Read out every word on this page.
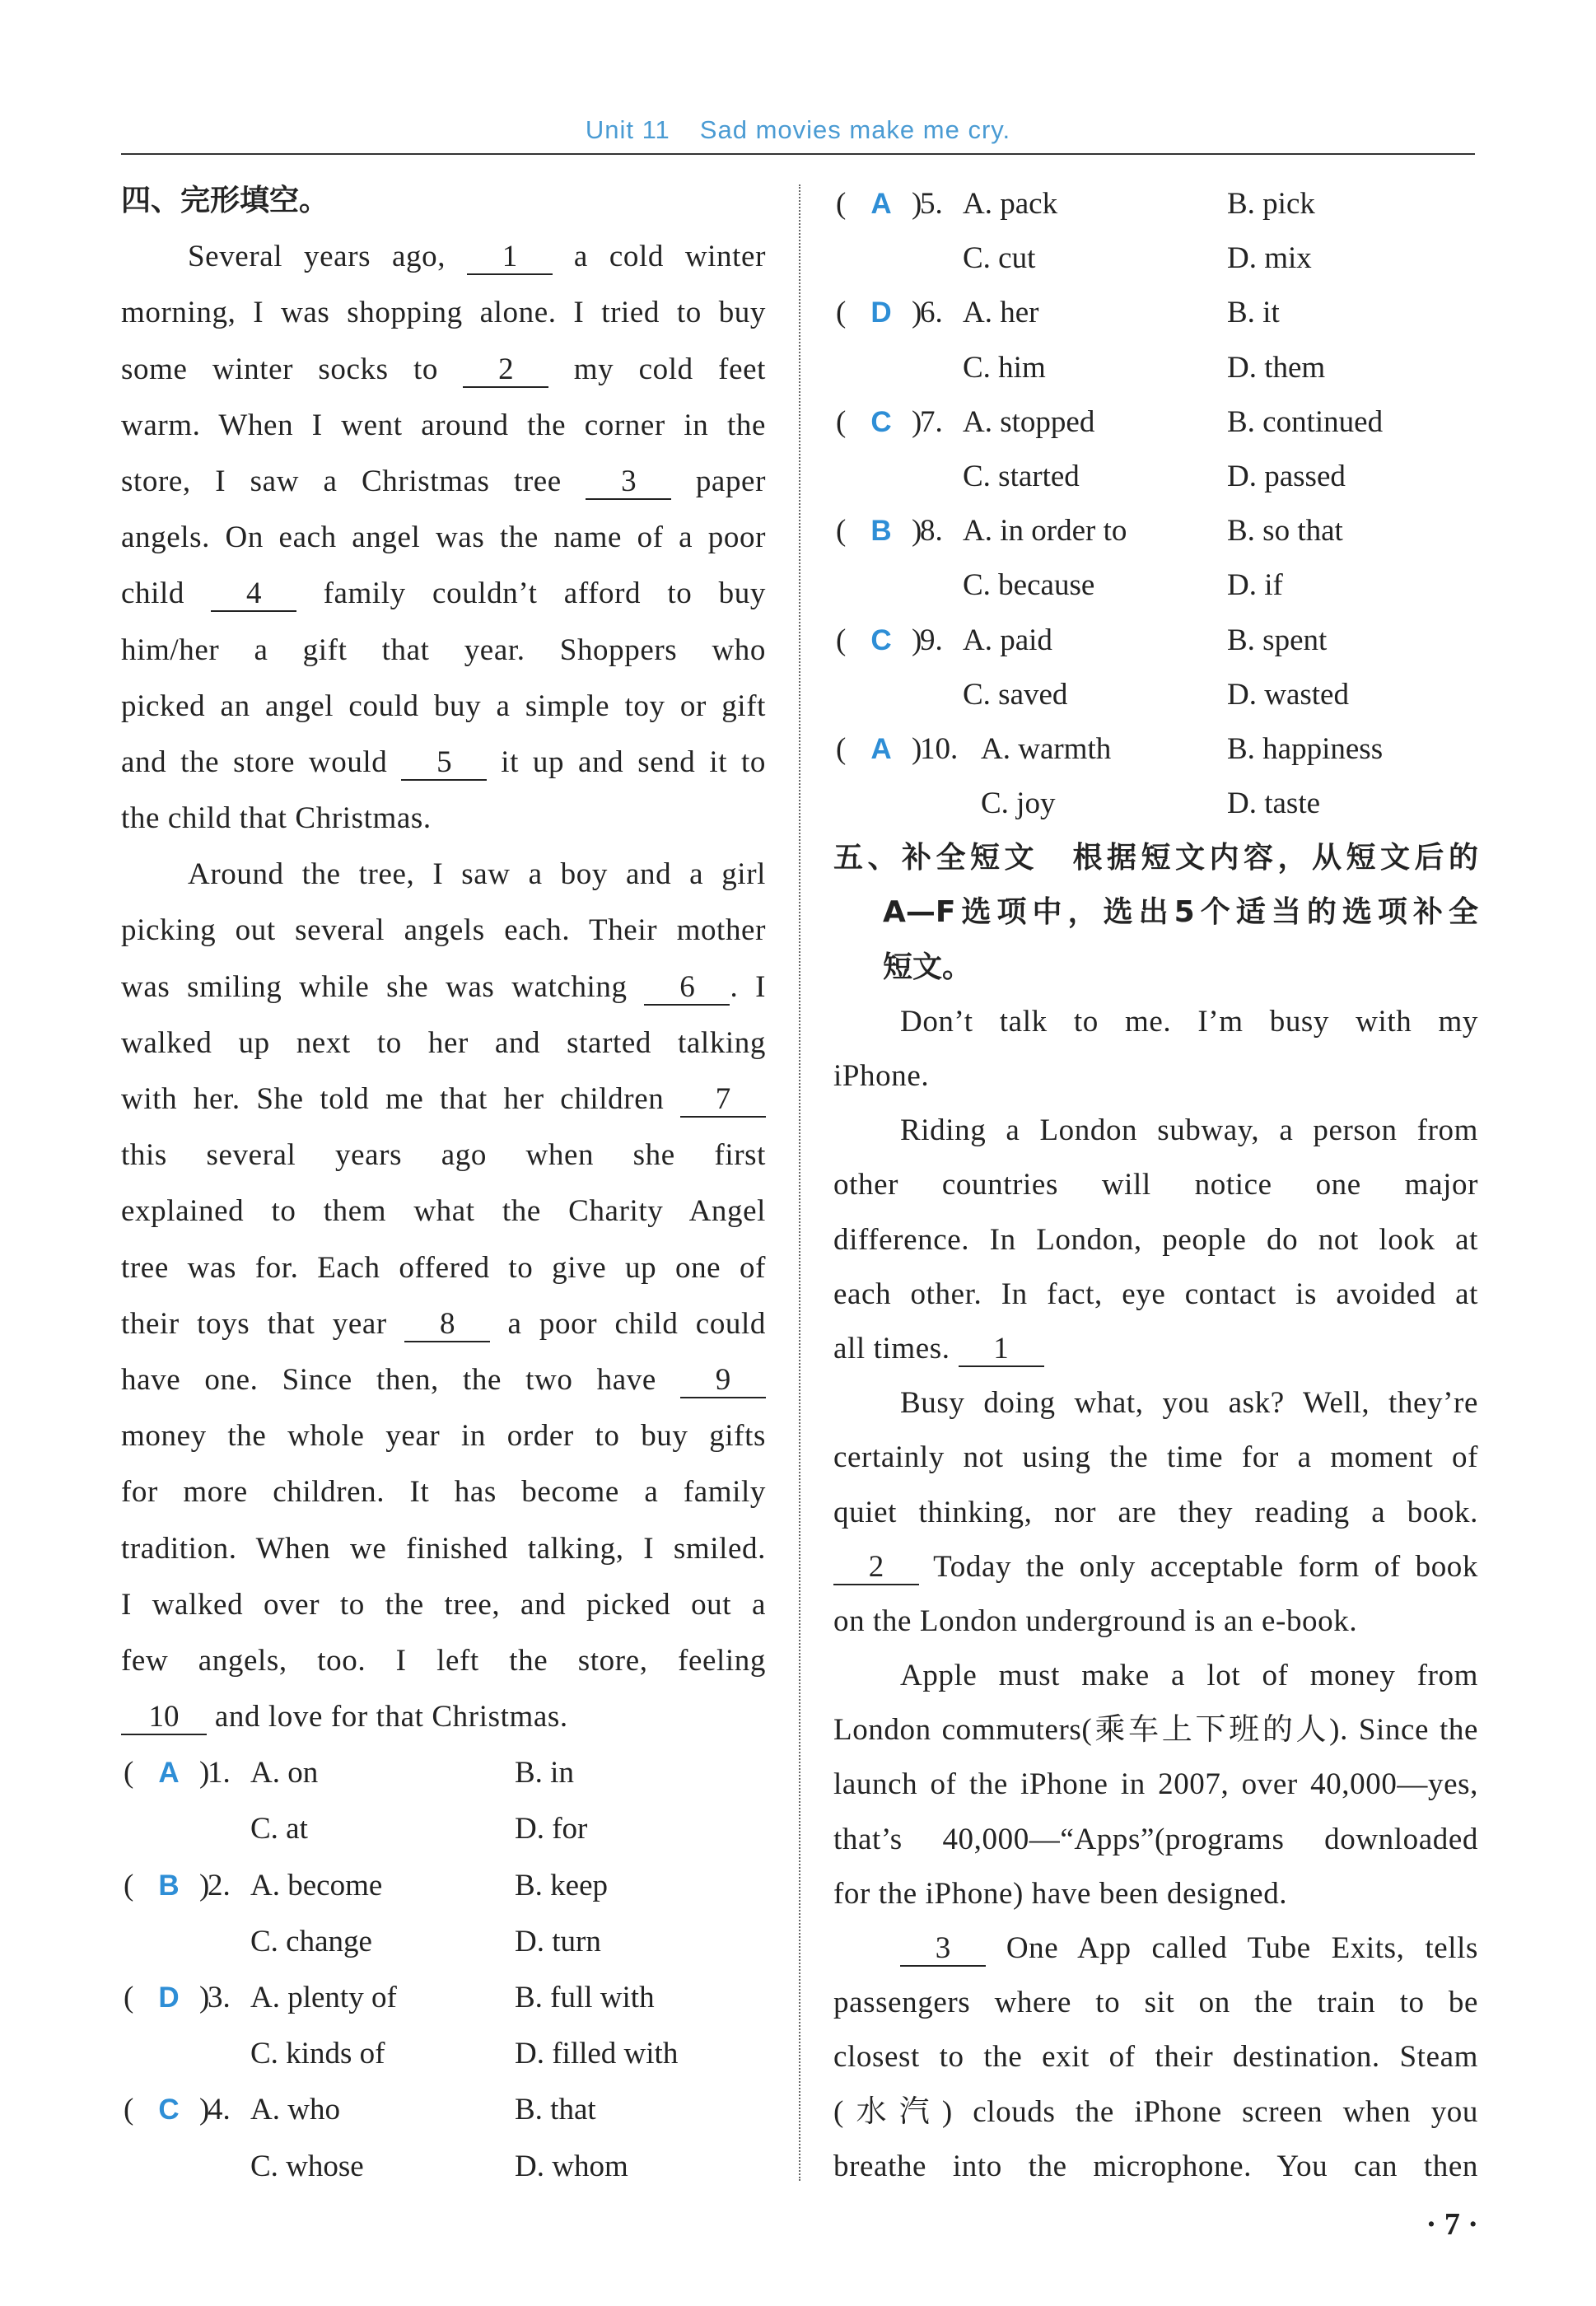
Unit 11 Sad movies make me cry.
四、完形填空。
Several years ago, 1 a cold winter
morning, I was shopping alone. I tried to buy
some winter socks to 2 my cold feet
warm. When I went around the corner in the
store, I saw a Christmas tree 3 paper
angels. On each angel was the name of a poor
child 4 family couldn’t afford to buy
him/her a gift that year. Shoppers who
picked an angel could buy a simple toy or gift
and the store would 5 it up and send it to
the child that Christmas.
Around the tree, I saw a boy and a girl
picking out several angels each. Their mother
was smiling while she was watching 6 . I
walked up next to her and started talking
with her. She told me that her children 7
this several years ago when she first
explained to them what the Charity Angel
tree was for. Each offered to give up one of
their toys that year 8 a poor child could
have one. Since then, the two have 9
money the whole year in order to buy gifts
for more children. It has become a family
tradition. When we finished talking, I smiled.
I walked over to the tree, and picked out a
few angels, too. I left the store, feeling
10 and love for that Christmas.
( A )
1. A. on	B. in
C. at	D. for
( B )
2. A. become	B. keep
C. change	D. turn
( D )
3. A. plenty of	B. full with
C. kinds of	D. filled with
( C )
4. A. who	B. that
C. whose	D. whom
( A )
5. A. pack	B. pick
C. cut	D. mix
( D )
6. A. her	B. it
C. him	D. them
( C )
7. A. stopped	B. continued
C. started	D. passed
( B )
8. A. in order to	B. so that
C. because	D. if
( C )
9. A. paid	B. spent
C. saved	D. wasted
( A )
10. A. warmth	B. happiness
C. joy	D. taste
五、补全短文　根据短文内容，从短文后的
A—F选项中，选出5个适当的选项补全
短文。
Don’t talk to me. I’m busy with my
iPhone.
Riding a London subway, a person from
other countries will notice one major
difference. In London, people do not look at
each other. In fact, eye contact is avoided at
all times. 1
Busy doing what, you ask? Well, they’re
certainly not using the time for a moment of
quiet thinking, nor are they reading a book.
2 Today the only acceptable form of book
on the London underground is an e-book.
Apple must make a lot of money from
London commuters(乘车上下班的人). Since the
launch of the iPhone in 2007, over 40,000—yes,
that’s 40,000—“Apps”(programs downloaded
for the iPhone) have been designed.
3 One App called Tube Exits, tells
passengers where to sit on the train to be
closest to the exit of their destination. Steam
(水汽) clouds the iPhone screen when you
breathe into the microphone. You can then
· 7 ·
